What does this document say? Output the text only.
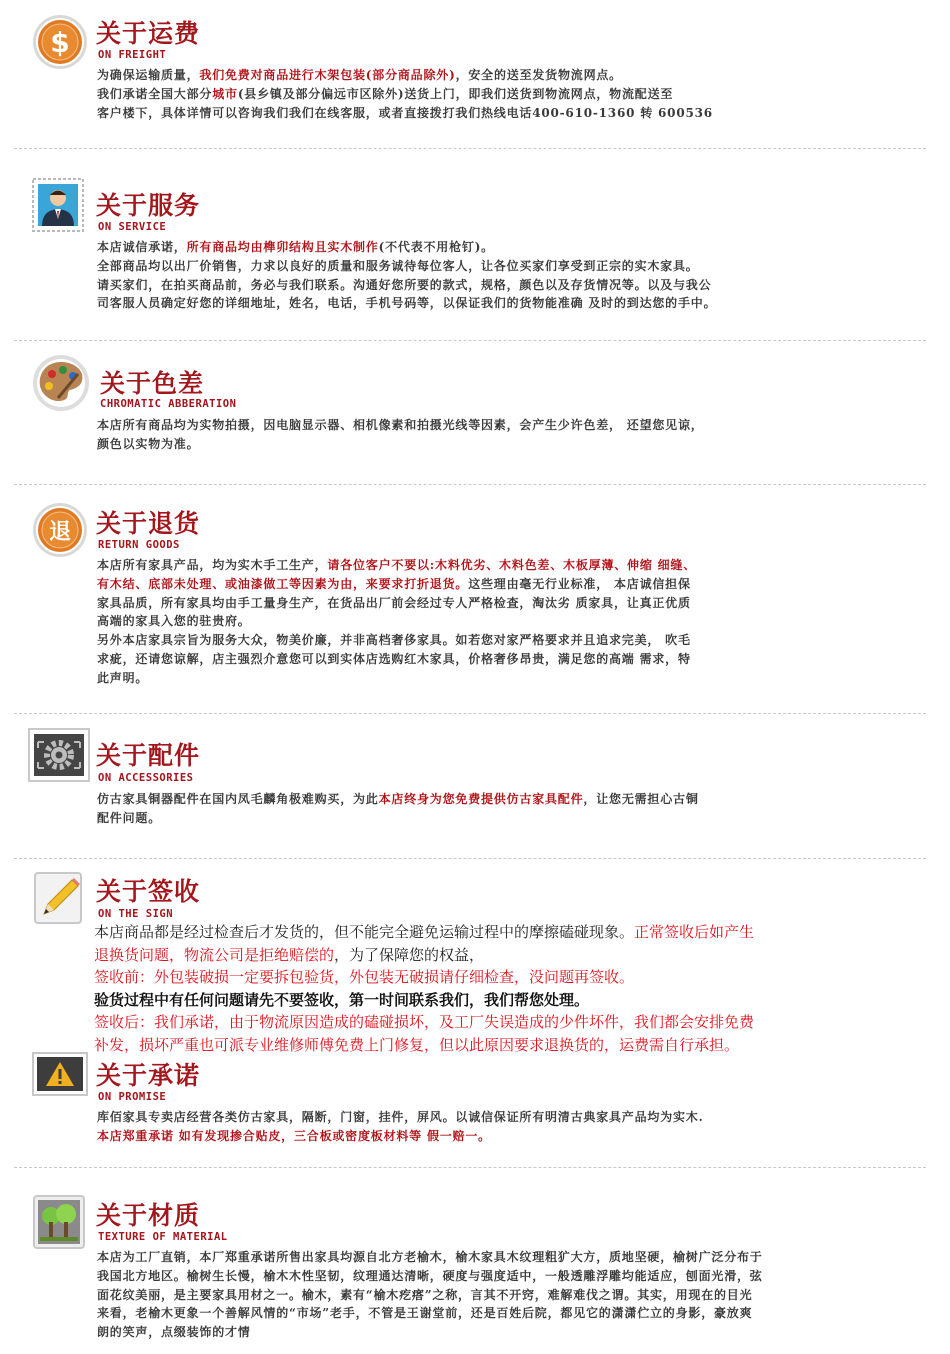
$ 关于运费
ON FREIGHT

为确保运输质量，我们免费对商品进行木架包装(部分商品除外)，安全的送至发货物流网点。

我们承诺全国大部分城市(县乡镇及部分偏远市区除外)送货上门，即我们送货到物流网点，物流配送至

客户楼下，具体详情可以咨询我们我们在线客服，或者直接拨打我们热线电话400-610-1360 转 600536

关于服务
ON SERVICE

本店诚信承诺，所有商品均由榫卯结构且实木制作(不代表不用枪钉)。

全部商品均以出厂价销售，力求以良好的质量和服务诚待每位客人，让各位买家们享受到正宗的实木家具。

请买家们，在拍买商品前，务必与我们联系。沟通好您所要的款式，规格，颜色以及存货情况等。以及与我公

司客服人员确定好您的详细地址，姓名，电话，手机号码等，以保证我们的货物能准确 及时的到达您的手中。

关于色差
CHROMATIC ABBERATION

本店所有商品均为实物拍摄，因电脑显示器、相机像素和拍摄光线等因素，会产生少许色差， 还望您见谅，

颜色以实物为准。

退 关于退货
RETURN GOODS

本店所有家具产品，均为实木手工生产，请各位客户不要以:木料优劣、木料色差、木板厚薄、伸缩 细缝、

有木结、底部未处理、或油漆做工等因素为由，来要求打折退货。这些理由毫无行业标准， 本店诚信担保

家具品质，所有家具均由手工量身生产，在货品出厂前会经过专人严格检查，淘汰劣 质家具，让真正优质

高端的家具入您的驻贵府。

另外本店家具宗旨为服务大众，物美价廉，并非高档奢侈家具。如若您对家严格要求并且追求完美， 吹毛

求疵，还请您谅解，店主强烈介意您可以到实体店选购红木家具，价格奢侈昂贵，满足您的高端 需求，特

此声明。

关于配件
ON ACCESSORIES

仿古家具铜器配件在国内凤毛麟角极难购买，为此本店终身为您免费提供仿古家具配件，让您无需担心古铜

配件问题。

关于签收
ON THE SIGN

本店商品都是经过检查后才发货的，但不能完全避免运输过程中的摩擦磕碰现象。正常签收后如产生

退换货问题，物流公司是拒绝赔偿的，为了保障您的权益，

签收前：外包装破损一定要拆包验货，外包装无破损请仔细检查，没问题再签收。

验货过程中有任何问题请先不要签收，第一时间联系我们，我们帮您处理。

签收后：我们承诺，由于物流原因造成的磕碰损坏，及工厂失误造成的少件坏件，我们都会安排免费

补发，损坏严重也可派专业维修师傅免费上门修复，但以此原因要求退换货的，运费需自行承担。

关于承诺
ON PROMISE

库佰家具专卖店经营各类仿古家具，隔断，门窗，挂件，屏风。以诚信保证所有明清古典家具产品均为实木.

本店郑重承诺 如有发现掺合贴皮，三合板或密度板材料等 假一赔一。

关于材质
TEXTURE OF MATERIAL

本店为工厂直销，本厂郑重承诺所售出家具均源自北方老榆木，榆木家具木纹理粗犷大方，质地坚硬，榆树广泛分布于

我国北方地区。榆树生长慢，榆木木性坚韧，纹理通达清晰，硬度与强度适中，一般透雕浮雕均能适应，刨面光滑，弦

面花纹美丽，是主要家具用材之一。榆木，素有“榆木疙瘩”之称，言其不开窍，难解难伐之谓。其实，用现在的目光

来看，老榆木更象一个善解风情的“市场”老手，不管是王谢堂前，还是百姓后院，都见它的潇潇伫立的身影，豪放爽

朗的笑声，点缀装饰的才情
